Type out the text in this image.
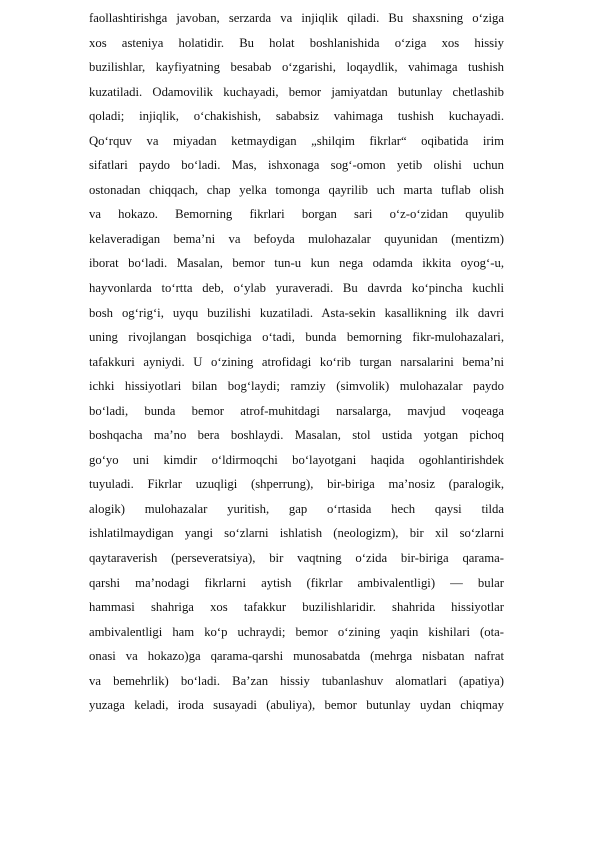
faollashtirishga javoban, serzarda va injiqlik qiladi. Bu shaxsning o‘ziga
xos asteniya holatidir. Bu holat boshlanishida o‘ziga xos hissiy
buzilishlar, kayfiyatning besabab o‘zgarishi, loqaydlik, vahimaga tushish
kuzatiladi. Odamovilik kuchayadi, bemor jamiyatdan butunlay chetlashib
qoladi; injiqlik, o‘chakishish, sababsiz vahimaga tushish kuchayadi.
Qo‘rquv va miyadan ketmaydigan „shilqim fikrlar“ oqibatida irim
sifatlari paydo bo‘ladi. Mas, ishxonaga sog‘-omon yetib olishi uchun
ostonadan chiqqach, chap yelka tomonga qayrilib uch marta tuflab olish
va hokazo. Bemorning fikrlari borgan sari o‘z-o‘zidan quyulib
kelaveradigan bema’ni va befoyda mulohazalar quyunidan (mentizm)
iborat bo‘ladi. Masalan, bemor tun-u kun nega odamda ikkita oyog‘-u,
hayvonlarda to‘rtta deb, o‘ylab yuraveradi. Bu davrda ko‘pincha kuchli
bosh og‘rig‘i, uyqu buzilishi kuzatiladi. Asta-sekin kasallikning ilk davri
uning rivojlangan bosqichiga o‘tadi, bunda bemorning fikr-mulohazalari,
tafakkuri ayniydi. U o‘zining atrofidagi ko‘rib turgan narsalarini bema’ni
ichki hissiyotlari bilan bog‘laydi; ramziy (simvolik) mulohazalar paydo
bo‘ladi, bunda bemor atrof-muhitdagi narsalarga, mavjud voqeaga
boshqacha ma’no bera boshlaydi. Masalan, stol ustida yotgan pichoq
go‘yo uni kimdir o‘ldirmoqchi bo‘layotgani haqida ogohlantirishdek
tuyuladi. Fikrlar uzuqligi (shperrung), bir-biriga ma’nosiz (paralogik,
alogik) mulohazalar yuritish, gap o‘rtasida hech qaysi tilda
ishlatilmaydigan yangi so‘zlarni ishlatish (neologizm), bir xil so‘zlarni
qaytaraverish (perseveratsiya), bir vaqtning o‘zida bir-biriga qarama-
qarshi ma’nodagi fikrlarni aytish (fikrlar ambivalentligi) — bular
hammasi shahriga xos tafakkur buzilishlaridir. shahrida hissiyotlar
ambivalentligi ham ko‘p uchraydi; bemor o‘zining yaqin kishilari (ota-
onasi va hokazo)ga qarama-qarshi munosabatda (mehrga nisbatan nafrat
va bemehrlik) bo‘ladi. Ba’zan hissiy tubanlashuv alomatlari (apatiya)
yuzaga keladi, iroda susayadi (abuliya), bemor butunlay uydan chiqmay
